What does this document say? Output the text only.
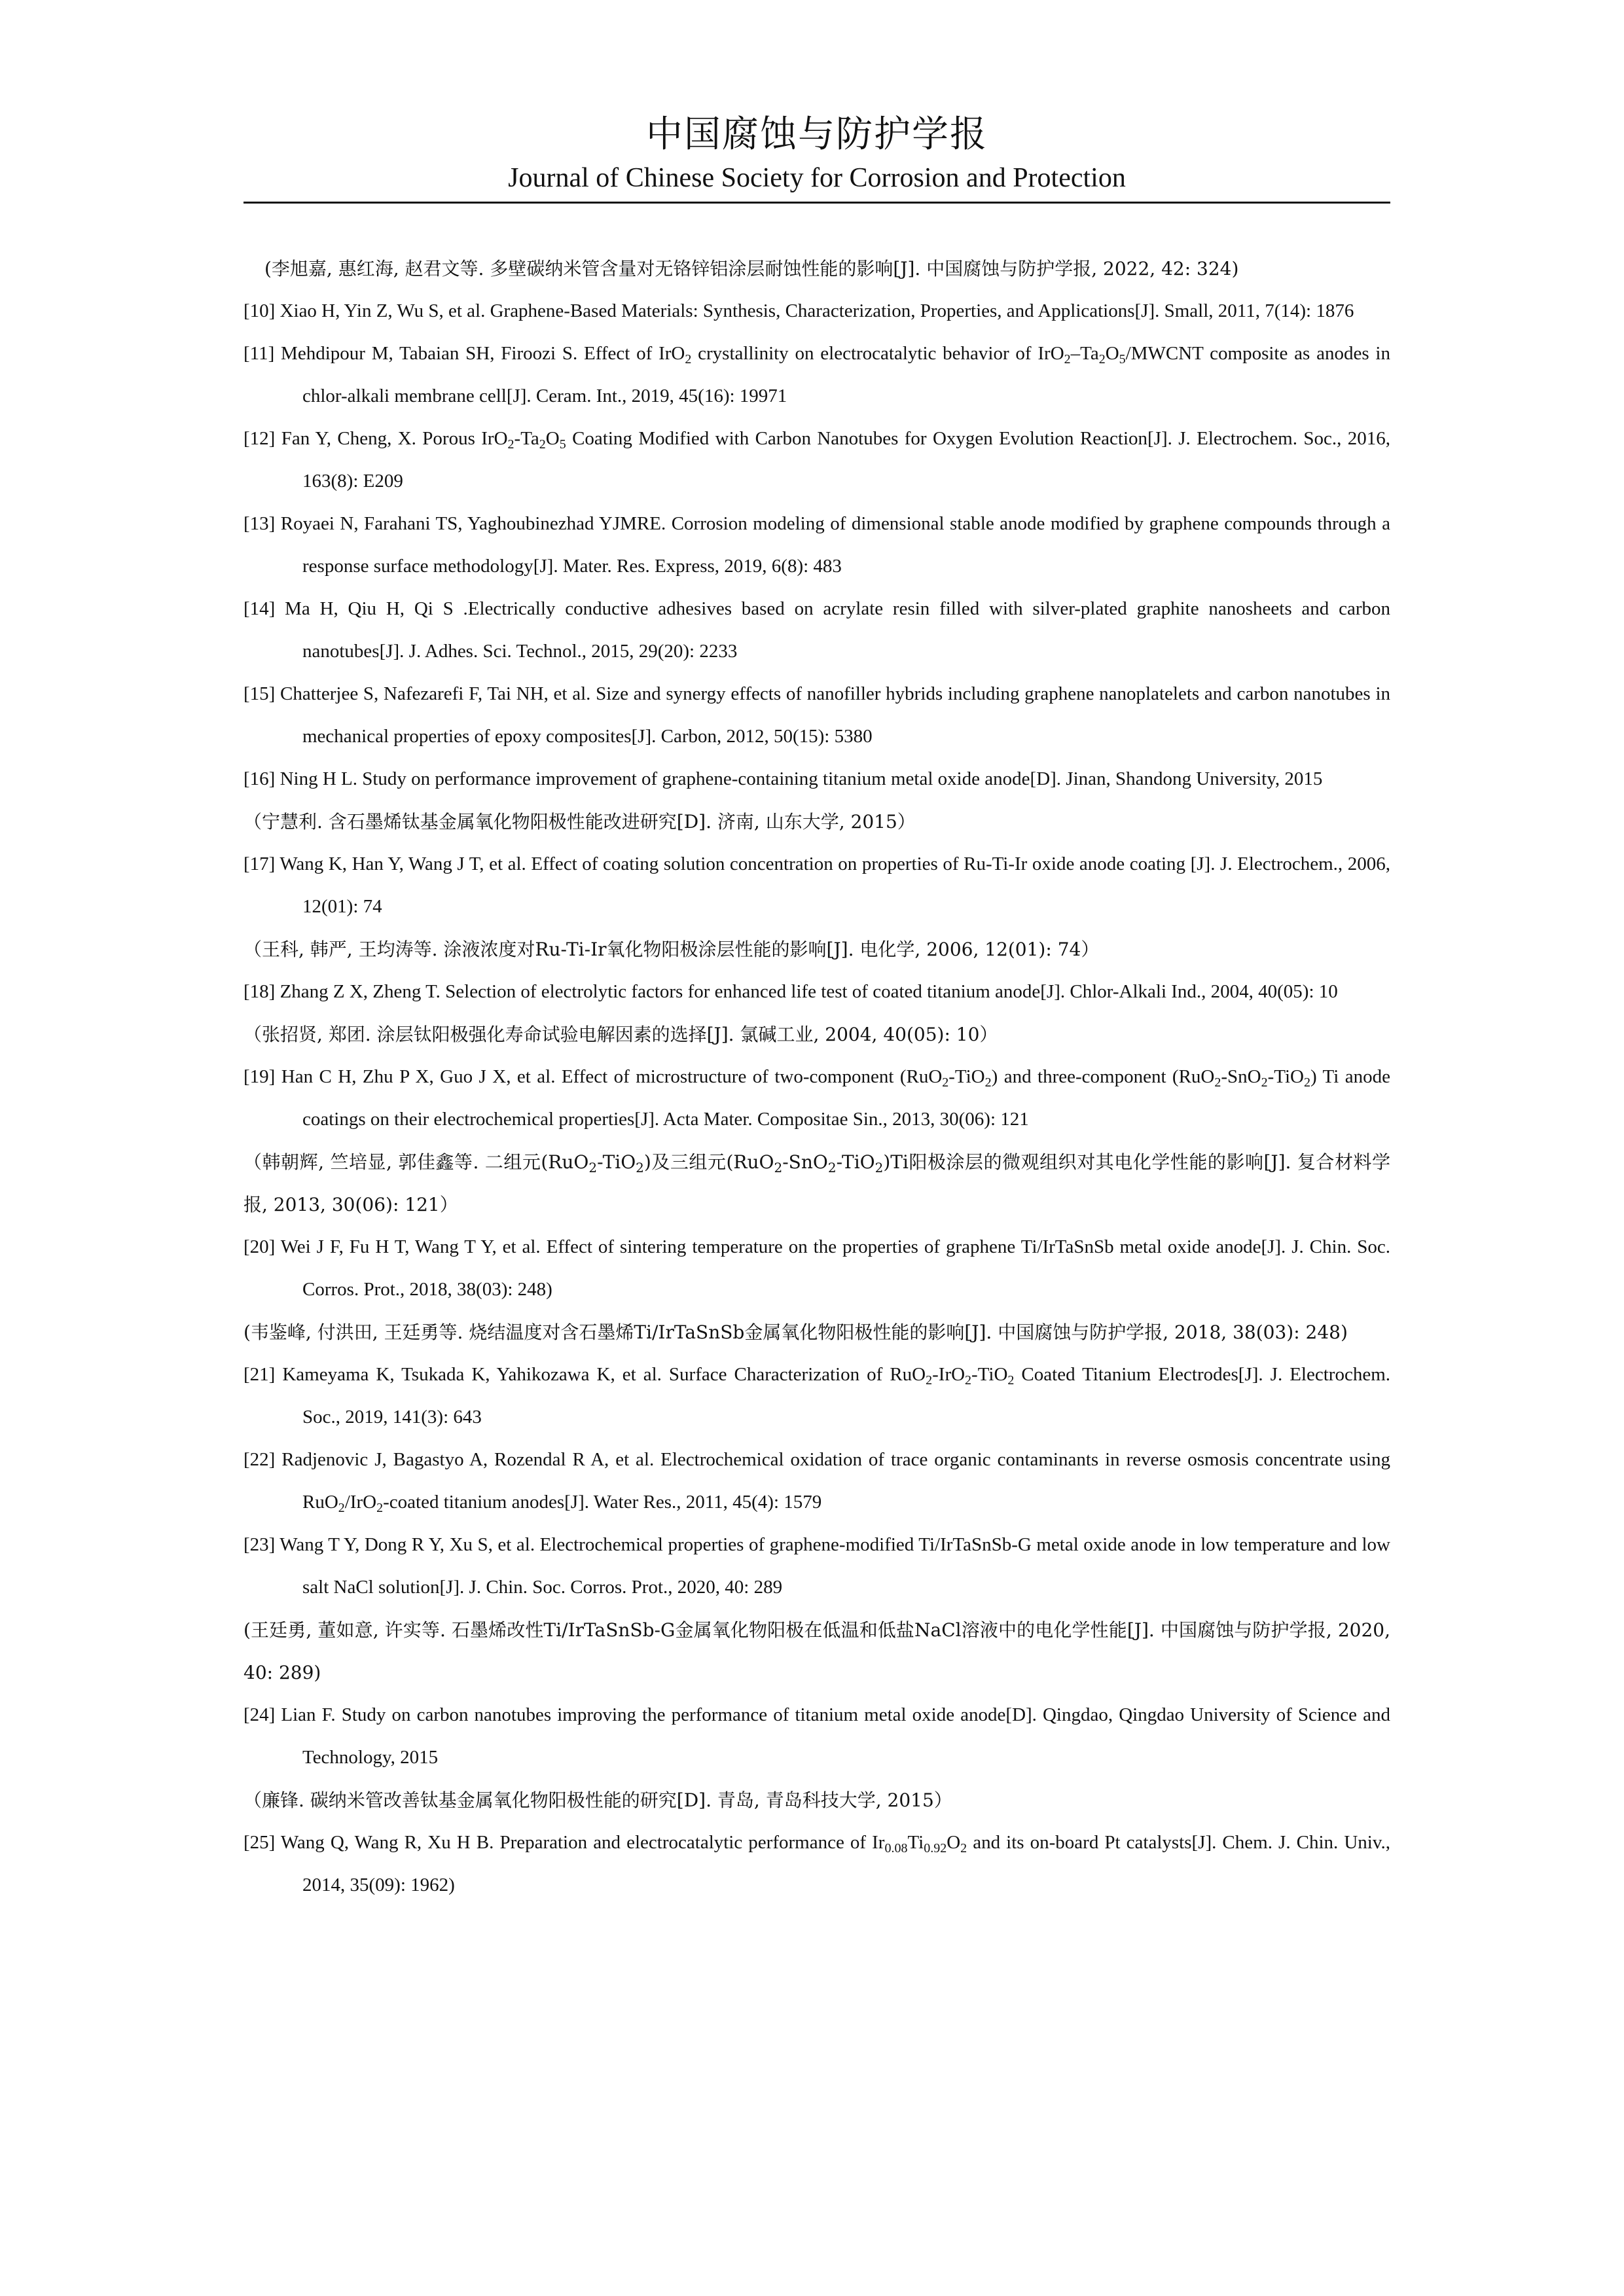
中国腐蚀与防护学报
Journal of Chinese Society for Corrosion and Protection

(李旭嘉, 惠红海, 赵君文等. 多壁碳纳米管含量对无铬锌铝涂层耐蚀性能的影响[J]. 中国腐蚀与防护学报, 2022, 42: 324)

[10] Xiao H, Yin Z, Wu S, et al. Graphene-Based Materials: Synthesis, Characterization, Properties, and Applications[J]. Small, 2011, 7(14): 1876

[11] Mehdipour M, Tabaian SH, Firoozi S. Effect of IrO$_2$ crystallinity on electrocatalytic behavior of $IrO_2-Ta_2O_5$/MWCNT composite as anodes in chlor-alkali membrane cell[J]. Ceram. Int., 2019, 45(16): 19971

[12] Fan Y, Cheng, X. Porous $IrO_2-Ta_2O_5$ Coating Modified with Carbon Nanotubes for Oxygen Evolution Reaction[J]. J. Electrochem. Soc., 2016, 163(8): E209

[13] Royaei N, Farahani TS, Yaghoubinezhad YJMRE. Corrosion modeling of dimensional stable anode modified by graphene compounds through a response surface methodology[J]. Mater. Res. Express, 2019, 6(8): 483

[14] Ma H, Qiu H, Qi S .Electrically conductive adhesives based on acrylate resin filled with silver-plated graphite nanosheets and carbon nanotubes[J]. J. Adhes. Sci. Technol., 2015, 29(20): 2233

[15] Chatterjee S, Nafezarefi F, Tai NH, et al. Size and synergy effects of nanofiller hybrids including graphene nanoplatelets and carbon nanotubes in mechanical properties of epoxy composites[J]. Carbon, 2012, 50(15): 5380

[16] Ning H L. Study on performance improvement of graphene-containing titanium metal oxide anode[D]. Jinan, Shandong University, 2015

（宁慧利. 含石墨烯钛基金属氧化物阳极性能改进研究[D]. 济南, 山东大学, 2015）

[17] Wang K, Han Y, Wang J T, et al. Effect of coating solution concentration on properties of Ru-Ti-Ir oxide anode coating [J]. J. Electrochem., 2006, 12(01): 74

（王科, 韩严, 王均涛等. 涂液浓度对Ru-Ti-Ir氧化物阳极涂层性能的影响[J]. 电化学, 2006, 12(01): 74）

[18] Zhang Z X, Zheng T. Selection of electrolytic factors for enhanced life test of coated titanium anode[J]. Chlor-Alkali Ind., 2004, 40(05): 10

（张招贤, 郑团. 涂层钛阳极强化寿命试验电解因素的选择[J]. 氯碱工业, 2004, 40(05): 10）

[19] Han C H, Zhu P X, Guo J X, et al. Effect of microstructure of two-component (RuO$_2$-TiO$_2$) and three-component (RuO$_2$-SnO$_2$-TiO$_2$) Ti anode coatings on their electrochemical properties[J]. Acta Mater. Compositae Sin., 2013, 30(06): 121

（韩朝辉, 竺培显, 郭佳鑫等. 二组元(RuO$_2$-TiO$_2$)及三组元(RuO$_2$-SnO$_2$-TiO$_2$)Ti阳极涂层的微观组织对其电化学性能的影响[J]. 复合材料学报, 2013, 30(06): 121）

[20] Wei J F, Fu H T, Wang T Y, et al. Effect of sintering temperature on the properties of graphene Ti/IrTaSnSb metal oxide anode[J]. J. Chin. Soc. Corros. Prot., 2018, 38(03): 248)

(韦鉴峰, 付洪田, 王廷勇等. 烧结温度对含石墨烯Ti/IrTaSnSb金属氧化物阳极性能的影响[J]. 中国腐蚀与防护学报, 2018, 38(03): 248)

[21] Kameyama K, Tsukada K, Yahikozawa K, et al. Surface Characterization of RuO$_2$-IrO$_2$-TiO$_2$ Coated Titanium Electrodes[J]. J. Electrochem. Soc., 2019, 141(3): 643

[22] Radjenovic J, Bagastyo A, Rozendal R A, et al. Electrochemical oxidation of trace organic contaminants in reverse osmosis concentrate using RuO$_2$/IrO$_2$-coated titanium anodes[J]. Water Res., 2011, 45(4): 1579

[23] Wang T Y, Dong R Y, Xu S, et al. Electrochemical properties of graphene-modified Ti/IrTaSnSb-G metal oxide anode in low temperature and low salt NaCl solution[J]. J. Chin. Soc. Corros. Prot., 2020, 40: 289

(王廷勇, 董如意, 许实等. 石墨烯改性Ti/IrTaSnSb-G金属氧化物阳极在低温和低盐NaCl溶液中的电化学性能[J]. 中国腐蚀与防护学报, 2020, 40: 289)

[24] Lian F. Study on carbon nanotubes improving the performance of titanium metal oxide anode[D]. Qingdao, Qingdao University of Science and Technology, 2015

（廉锋. 碳纳米管改善钛基金属氧化物阳极性能的研究[D]. 青岛, 青岛科技大学, 2015）

[25] Wang Q, Wang R, Xu H B. Preparation and electrocatalytic performance of $Ir_{0.08}Ti_{0.92}O_2$ and its on-board Pt catalysts[J]. Chem. J. Chin. Univ., 2014, 35(09): 1962)
